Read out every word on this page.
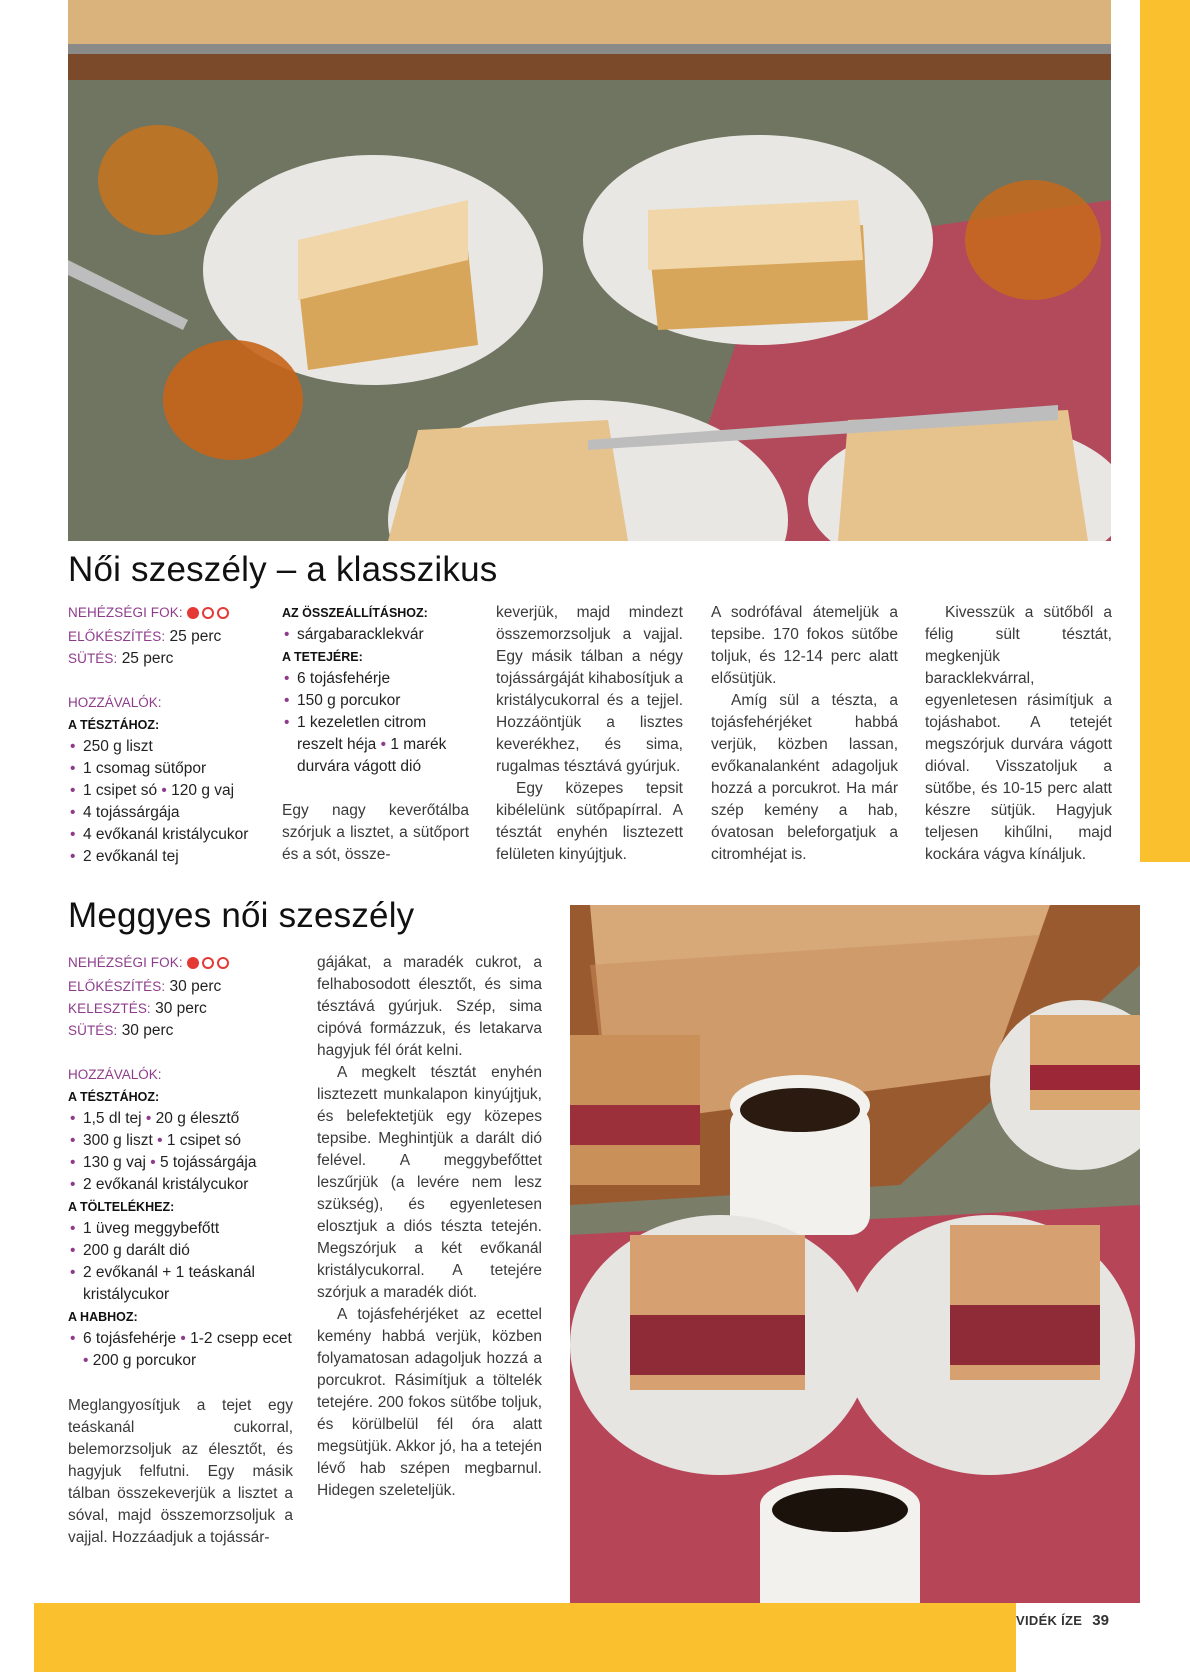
VIDÉK ÍZE 39
Női szeszély – a klasszikus
NEHÉZSÉGI FOK:
ELŐKÉSZÍTÉS: 25 perc
SÜTÉS: 25 perc
HOZZÁVALÓK:
A TÉSZTÁHOZ:
• 250 g liszt
• 1 csomag sütőpor
• 1 csipet só • 120 g vaj
• 4 tojássárgája
• 4 evőkanál kristálycukor
• 2 evőkanál tej
AZ ÖSSZEÁLLÍTÁSHOZ:
• sárgabaracklekvár
A TETEJÉRE:
• 6 tojásfehérje
• 150 g porcukor
• 1 kezeletlen citrom reszelt héja • 1 marék durvára vágott dió

Egy nagy keverőtálba szórjuk a lisztet, a sütőport és a sót, össze-

keverjük, majd mindezt összemorzsoljuk a vajjal. Egy másik tálban a négy tojássárgáját kihabosítjuk a kristálycukorral és a tejjel. Hozzáöntjük a lisztes keverékhez, és sima, rugalmas tésztává gyúrjuk.

Egy közepes tepsit kibélelünk sütőpapírral. A tésztát enyhén lisztezett felületen kinyújtjuk.

A sodrófával átemeljük a tepsibe. 170 fokos sütőbe toljuk, és 12-14 perc alatt elősütjük.

Amíg sül a tészta, a tojásfehérjéket habbá verjük, közben lassan, evőkanalanként adagoljuk hozzá a porcukrot. Ha már szép kemény a hab, óvatosan beleforgatjuk a citromhéjat is.

Kivesszük a sütőből a félig sült tésztát, megkenjük baracklekvárral, egyenletesen rásimítjuk a tojáshabot. A tetejét megszórjuk durvára vágott dióval. Visszatoljuk a sütőbe, és 10-15 perc alatt készre sütjük. Hagyjuk teljesen kihűlni, majd kockára vágva kínáljuk.

Meggyes női szeszély
NEHÉZSÉGI FOK:
ELŐKÉSZÍTÉS: 30 perc
KELESZTÉS: 30 perc
SÜTÉS: 30 perc
HOZZÁVALÓK:
A TÉSZTÁHOZ:
• 1,5 dl tej • 20 g élesztő
• 300 g liszt • 1 csipet só
• 130 g vaj • 5 tojássárgája
• 2 evőkanál kristálycukor
A TÖLTELÉKHEZ:
• 1 üveg meggybefőtt
• 200 g darált dió
• 2 evőkanál + 1 teáskanál kristálycukor
A HABHOZ:
• 6 tojásfehérje • 1-2 csepp ecet • 200 g porcukor

Meglangyosítjuk a tejet egy teáskanál cukorral, belemorzsoljuk az élesztőt, és hagyjuk felfutni. Egy másik tálban összekeverjük a lisztet a sóval, majd összemorzsoljuk a vajjal. Hozzáadjuk a tojássár-

gájákat, a maradék cukrot, a felhabosodott élesztőt, és sima tésztává gyúrjuk. Szép, sima cipóvá formázzuk, és letakarva hagyjuk fél órát kelni.

A megkelt tésztát enyhén lisztezett munkalapon kinyújtjuk, és belefektetjük egy közepes tepsibe. Meghintjük a darált dió felével. A meggybefőttet leszűrjük (a levére nem lesz szükség), és egyenletesen elosztjuk a diós tészta tetején. Megszórjuk a két evőkanál kristálycukorral. A tetejére szórjuk a maradék diót.

A tojásfehérjéket az ecettel kemény habbá verjük, közben folyamatosan adagoljuk hozzá a porcukrot. Rásimítjuk a töltelék tetejére. 200 fokos sütőbe toljuk, és körülbelül fél óra alatt megsütjük. Akkor jó, ha a tetején lévő hab szépen megbarnul. Hidegen szeleteljük.
